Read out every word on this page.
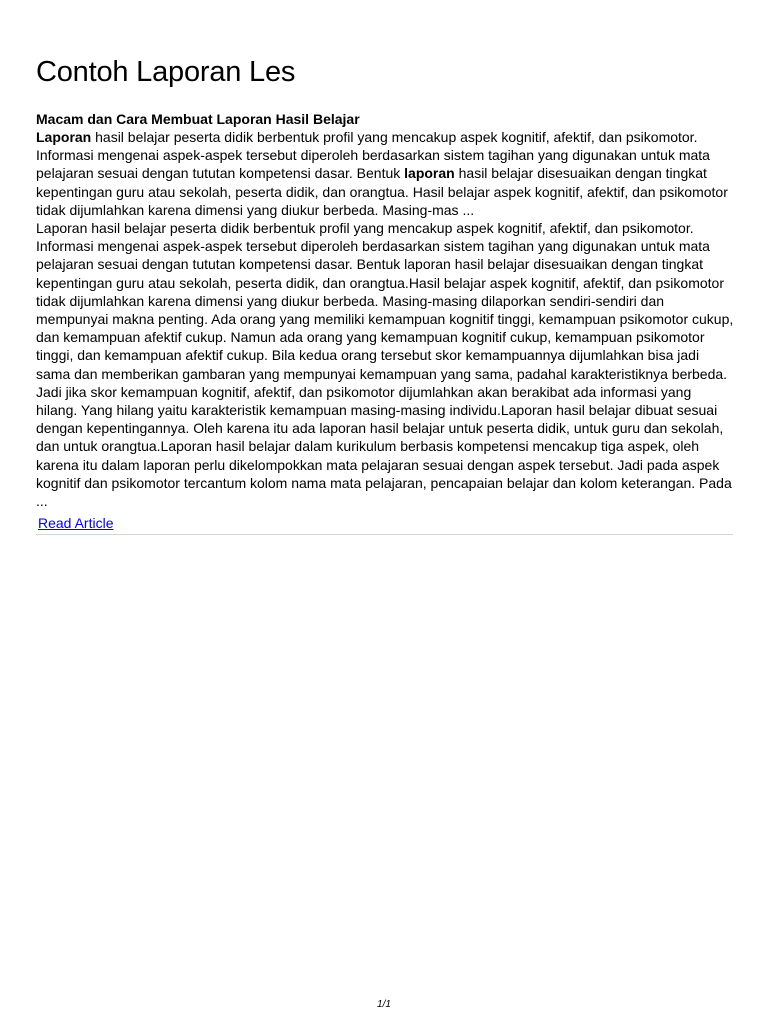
Contoh Laporan Les

Macam dan Cara Membuat Laporan Hasil Belajar

Laporan hasil belajar peserta didik berbentuk profil yang mencakup aspek kognitif, afektif, dan psikomotor. Informasi mengenai aspek-aspek tersebut diperoleh berdasarkan sistem tagihan yang digunakan untuk mata pelajaran sesuai dengan tututan kompetensi dasar. Bentuk laporan hasil belajar disesuaikan dengan tingkat kepentingan guru atau sekolah, peserta didik, dan orangtua. Hasil belajar aspek kognitif, afektif, dan psikomotor tidak dijumlahkan karena dimensi yang diukur berbeda. Masing-mas ...

Laporan hasil belajar peserta didik berbentuk profil yang mencakup aspek kognitif, afektif, dan psikomotor. Informasi mengenai aspek-aspek tersebut diperoleh berdasarkan sistem tagihan yang digunakan untuk mata pelajaran sesuai dengan tututan kompetensi dasar. Bentuk laporan hasil belajar disesuaikan dengan tingkat kepentingan guru atau sekolah, peserta didik, dan orangtua.Hasil belajar aspek kognitif, afektif, dan psikomotor tidak dijumlahkan karena dimensi yang diukur berbeda. Masing-masing dilaporkan sendiri-sendiri dan mempunyai makna penting. Ada orang yang memiliki kemampuan kognitif tinggi, kemampuan psikomotor cukup, dan kemampuan afektif cukup. Namun ada orang yang kemampuan kognitif cukup, kemampuan psikomotor tinggi, dan kemampuan afektif cukup. Bila kedua orang tersebut skor kemampuannya dijumlahkan bisa jadi sama dan memberikan gambaran yang mempunyai kemampuan yang sama, padahal karakteristiknya berbeda. Jadi jika skor kemampuan kognitif, afektif, dan psikomotor dijumlahkan akan berakibat ada informasi yang hilang. Yang hilang yaitu karakteristik kemampuan masing-masing individu.Laporan hasil belajar dibuat sesuai dengan kepentingannya. Oleh karena itu ada laporan hasil belajar untuk peserta didik, untuk guru dan sekolah, dan untuk orangtua.Laporan hasil belajar dalam kurikulum berbasis kompetensi mencakup tiga aspek, oleh karena itu dalam laporan perlu dikelompokkan mata pelajaran sesuai dengan aspek tersebut. Jadi pada aspek kognitif dan psikomotor tercantum kolom nama mata pelajaran, pencapaian belajar dan kolom keterangan. Pada ...

Read Article
1/1
